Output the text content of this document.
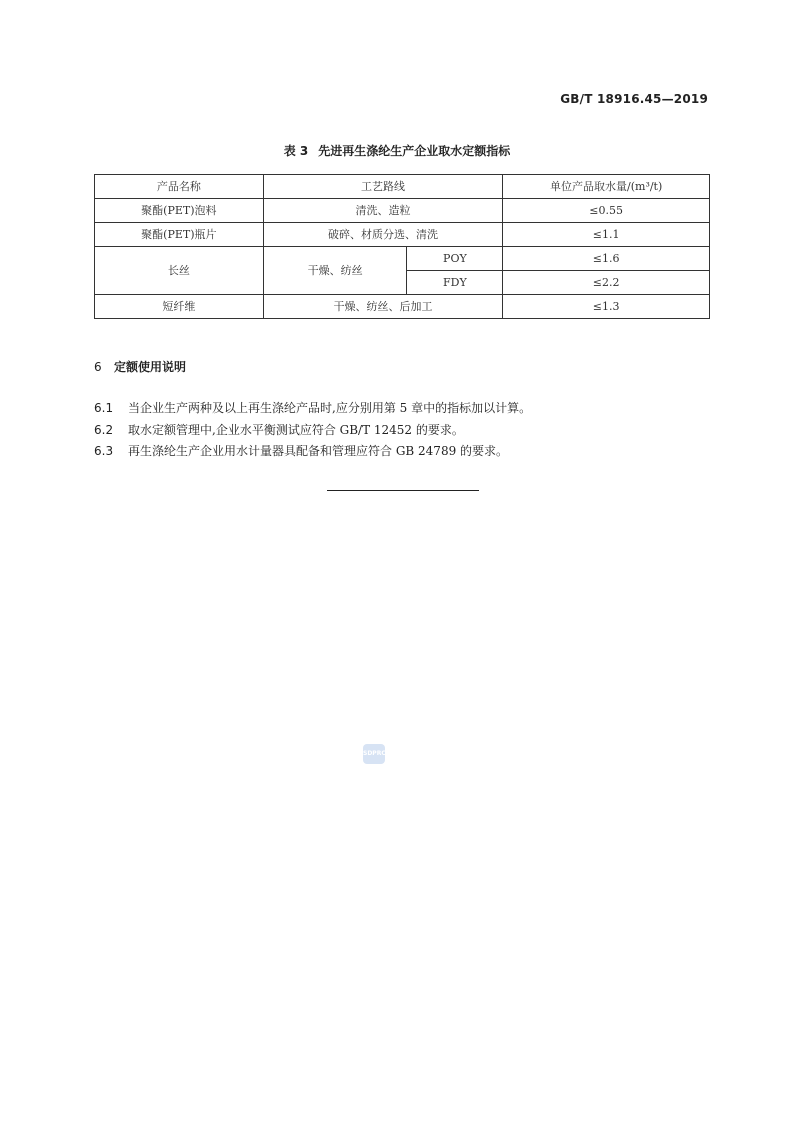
GB/T 18916.45—2019
表 3 先进再生涤纶生产企业取水定额指标
产品名称	工艺路线		单位产品取水量/(m³/t)
聚酯(PET)泡料	清洗、造粒		≤0.55
聚酯(PET)瓶片	破碎、材质分选、清洗		≤1.1
长丝	干燥、纺丝	POY	≤1.6
		FDY	≤2.2
短纤维	干燥、纺丝、后加工		≤1.3
6 定额使用说明
6.1 当企业生产两种及以上再生涤纶产品时,应分别用第 5 章中的指标加以计算。
6.2 取水定额管理中,企业水平衡测试应符合 GB/T 12452 的要求。
6.3 再生涤纶生产企业用水计量器具配备和管理应符合 GB 24789 的要求。
SDPRC
